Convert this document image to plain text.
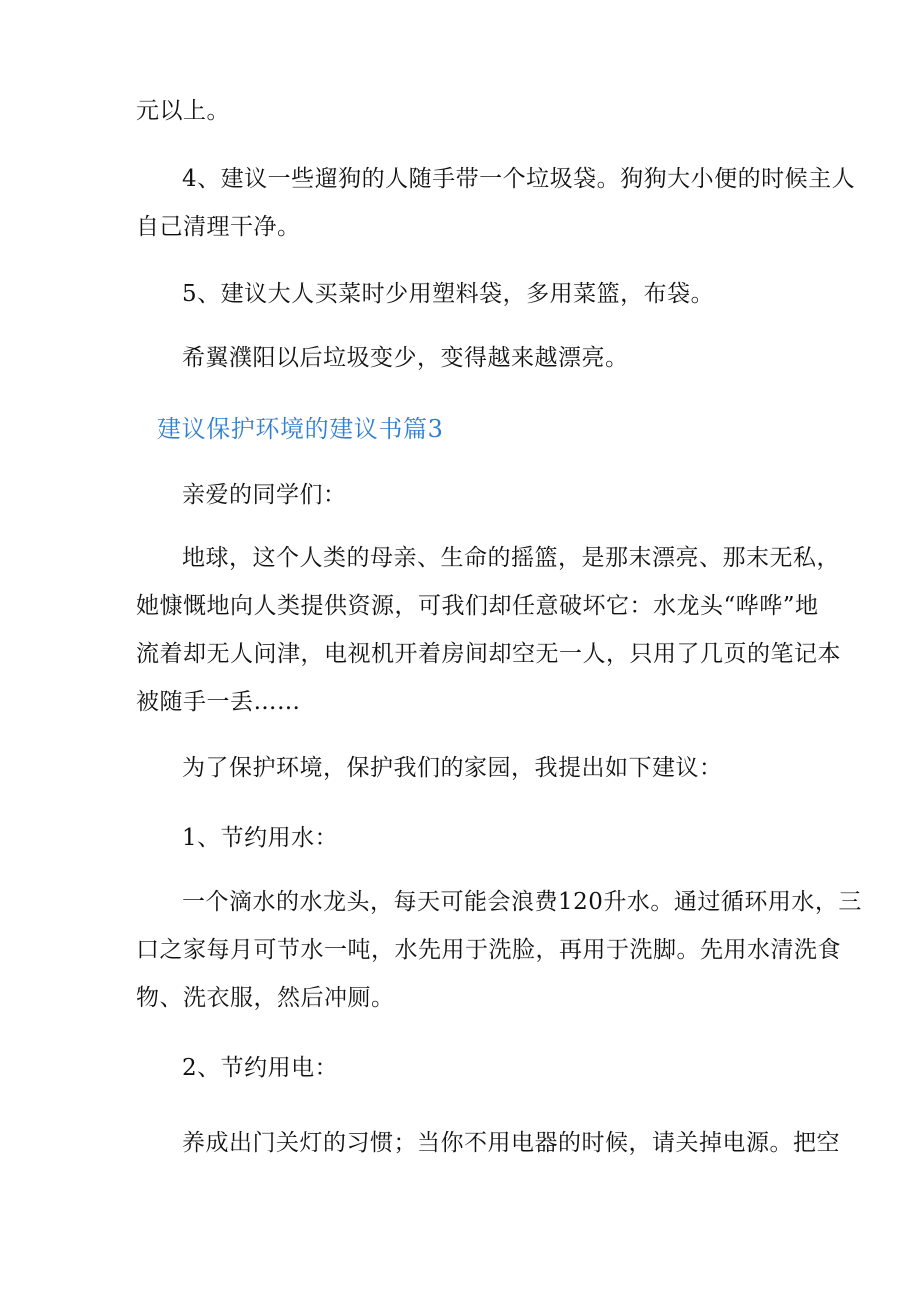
元以上。
4、建议一些遛狗的人随手带一个垃圾袋。狗狗大小便的时候主人
自己清理干净。
5、建议大人买菜时少用塑料袋，多用菜篮，布袋。
希翼濮阳以后垃圾变少，变得越来越漂亮。
建议保护环境的建议书篇3
亲爱的同学们：
地球，这个人类的母亲、生命的摇篮，是那末漂亮、那末无私，
她慷慨地向人类提供资源，可我们却任意破坏它：水龙头“哗哗”地
流着却无人问津，电视机开着房间却空无一人，只用了几页的笔记本
被随手一丢……
为了保护环境，保护我们的家园，我提出如下建议：
1、节约用水：
一个滴水的水龙头，每天可能会浪费120升水。通过循环用水，三
口之家每月可节水一吨，水先用于洗脸，再用于洗脚。先用水清洗食
物、洗衣服，然后冲厕。
2、节约用电：
养成出门关灯的习惯；当你不用电器的时候，请关掉电源。把空
